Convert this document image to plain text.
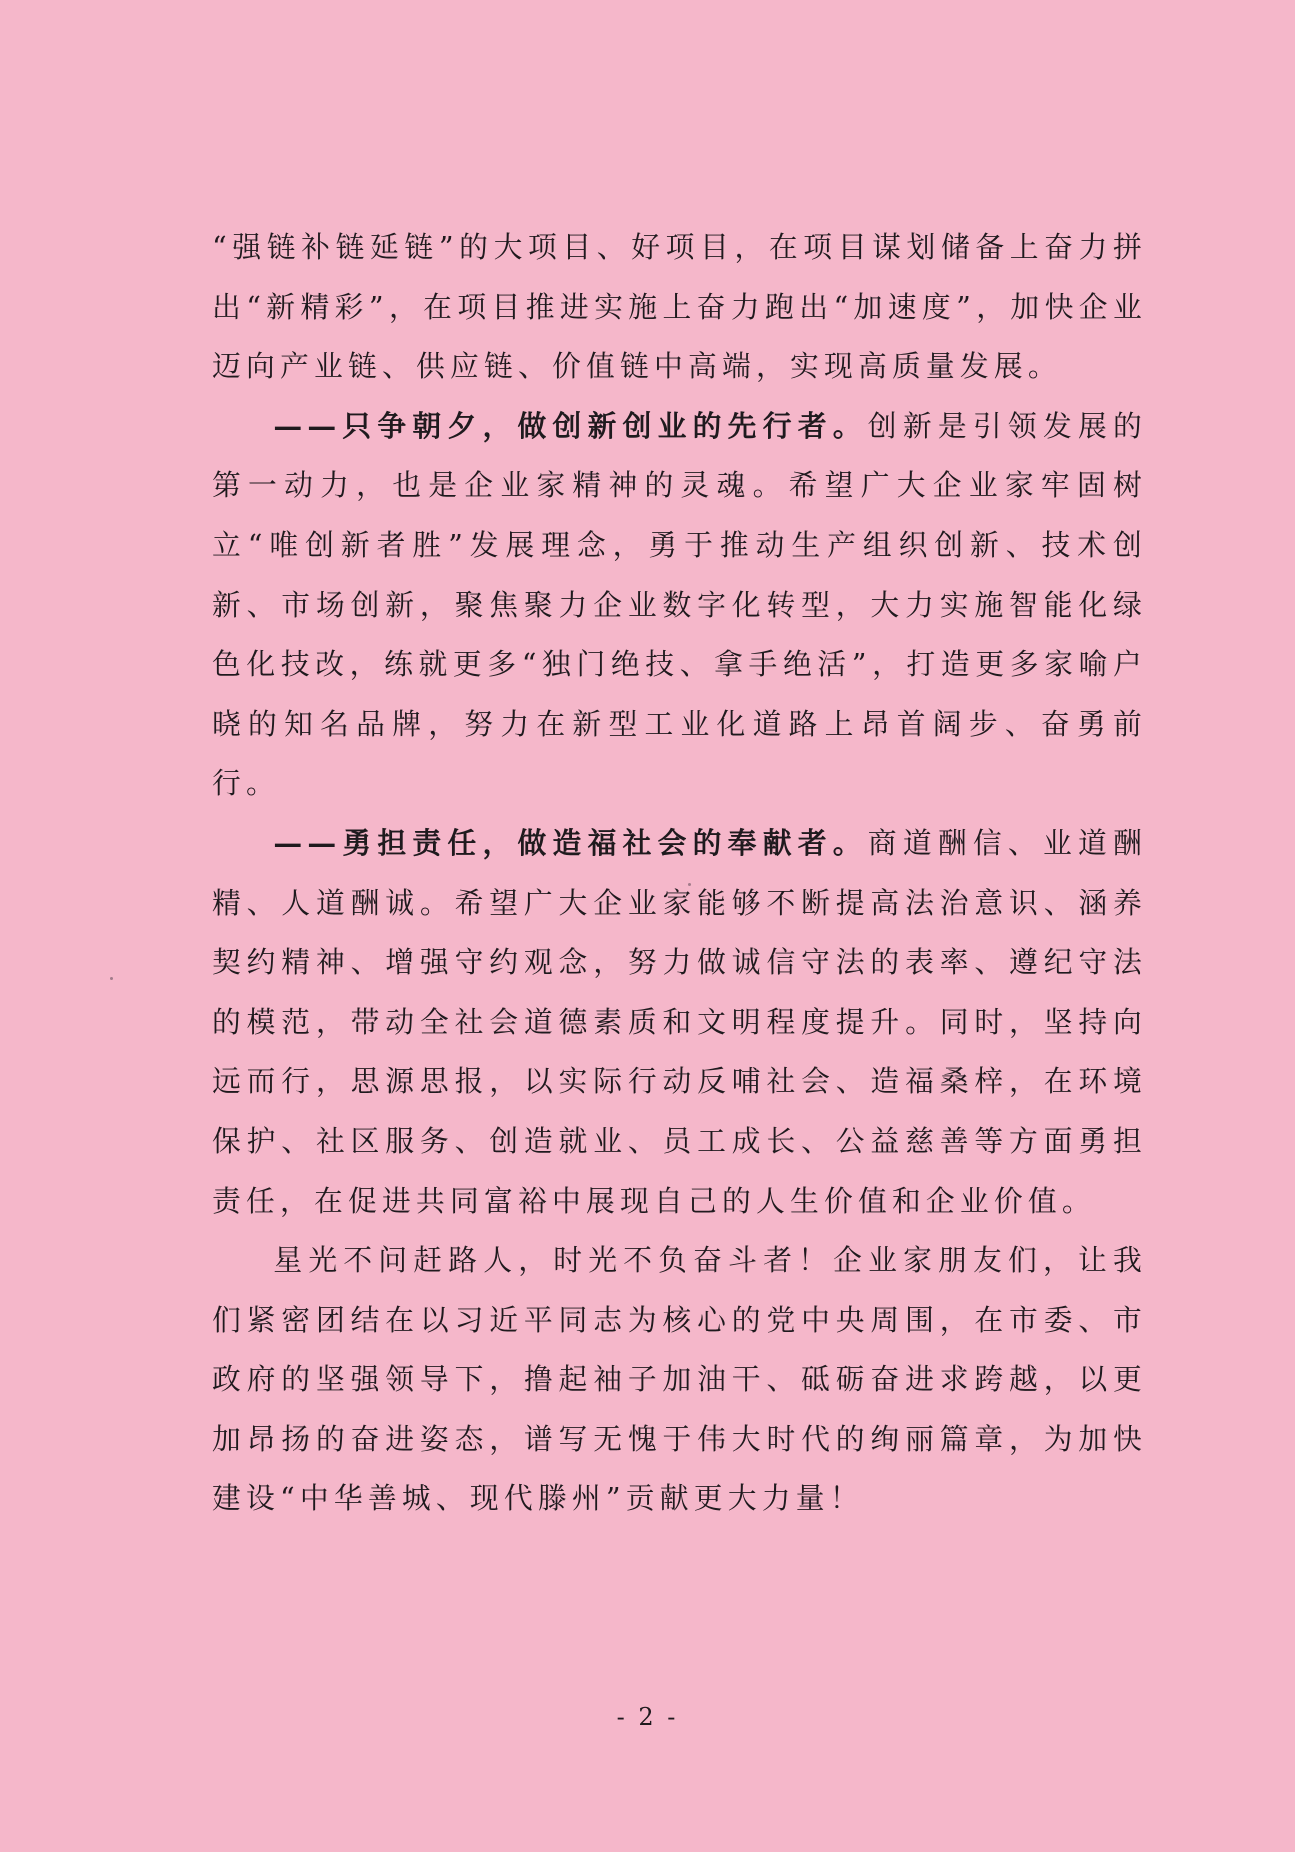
“强链补链延链”的大项目、好项目，在项目谋划储备上奋力拼出“新精彩”，在项目推进实施上奋力跑出“加速度”，加快企业迈向产业链、供应链、价值链中高端，实现高质量发展。

——只争朝夕，做创新创业的先行者。创新是引领发展的第一动力，也是企业家精神的灵魂。希望广大企业家牢固树立“唯创新者胜”发展理念，勇于推动生产组织创新、技术创新、市场创新，聚焦聚力企业数字化转型，大力实施智能化绿色化技改，练就更多“独门绝技、拿手绝活”，打造更多家喻户晓的知名品牌，努力在新型工业化道路上昂首阔步、奋勇前行。

——勇担责任，做造福社会的奉献者。商道酬信、业道酬精、人道酬诚。希望广大企业家能够不断提高法治意识、涵养契约精神、增强守约观念，努力做诚信守法的表率、遵纪守法的模范，带动全社会道德素质和文明程度提升。同时，坚持向远而行，思源思报，以实际行动反哺社会、造福桑梓，在环境保护、社区服务、创造就业、员工成长、公益慈善等方面勇担责任，在促进共同富裕中展现自己的人生价值和企业价值。

星光不问赶路人，时光不负奋斗者！企业家朋友们，让我们紧密团结在以习近平同志为核心的党中央周围，在市委、市政府的坚强领导下，撸起袖子加油干、砥砺奋进求跨越，以更加昂扬的奋进姿态，谱写无愧于伟大时代的绚丽篇章，为加快建设“中华善城、现代滕州”贡献更大力量！

- 2 -
